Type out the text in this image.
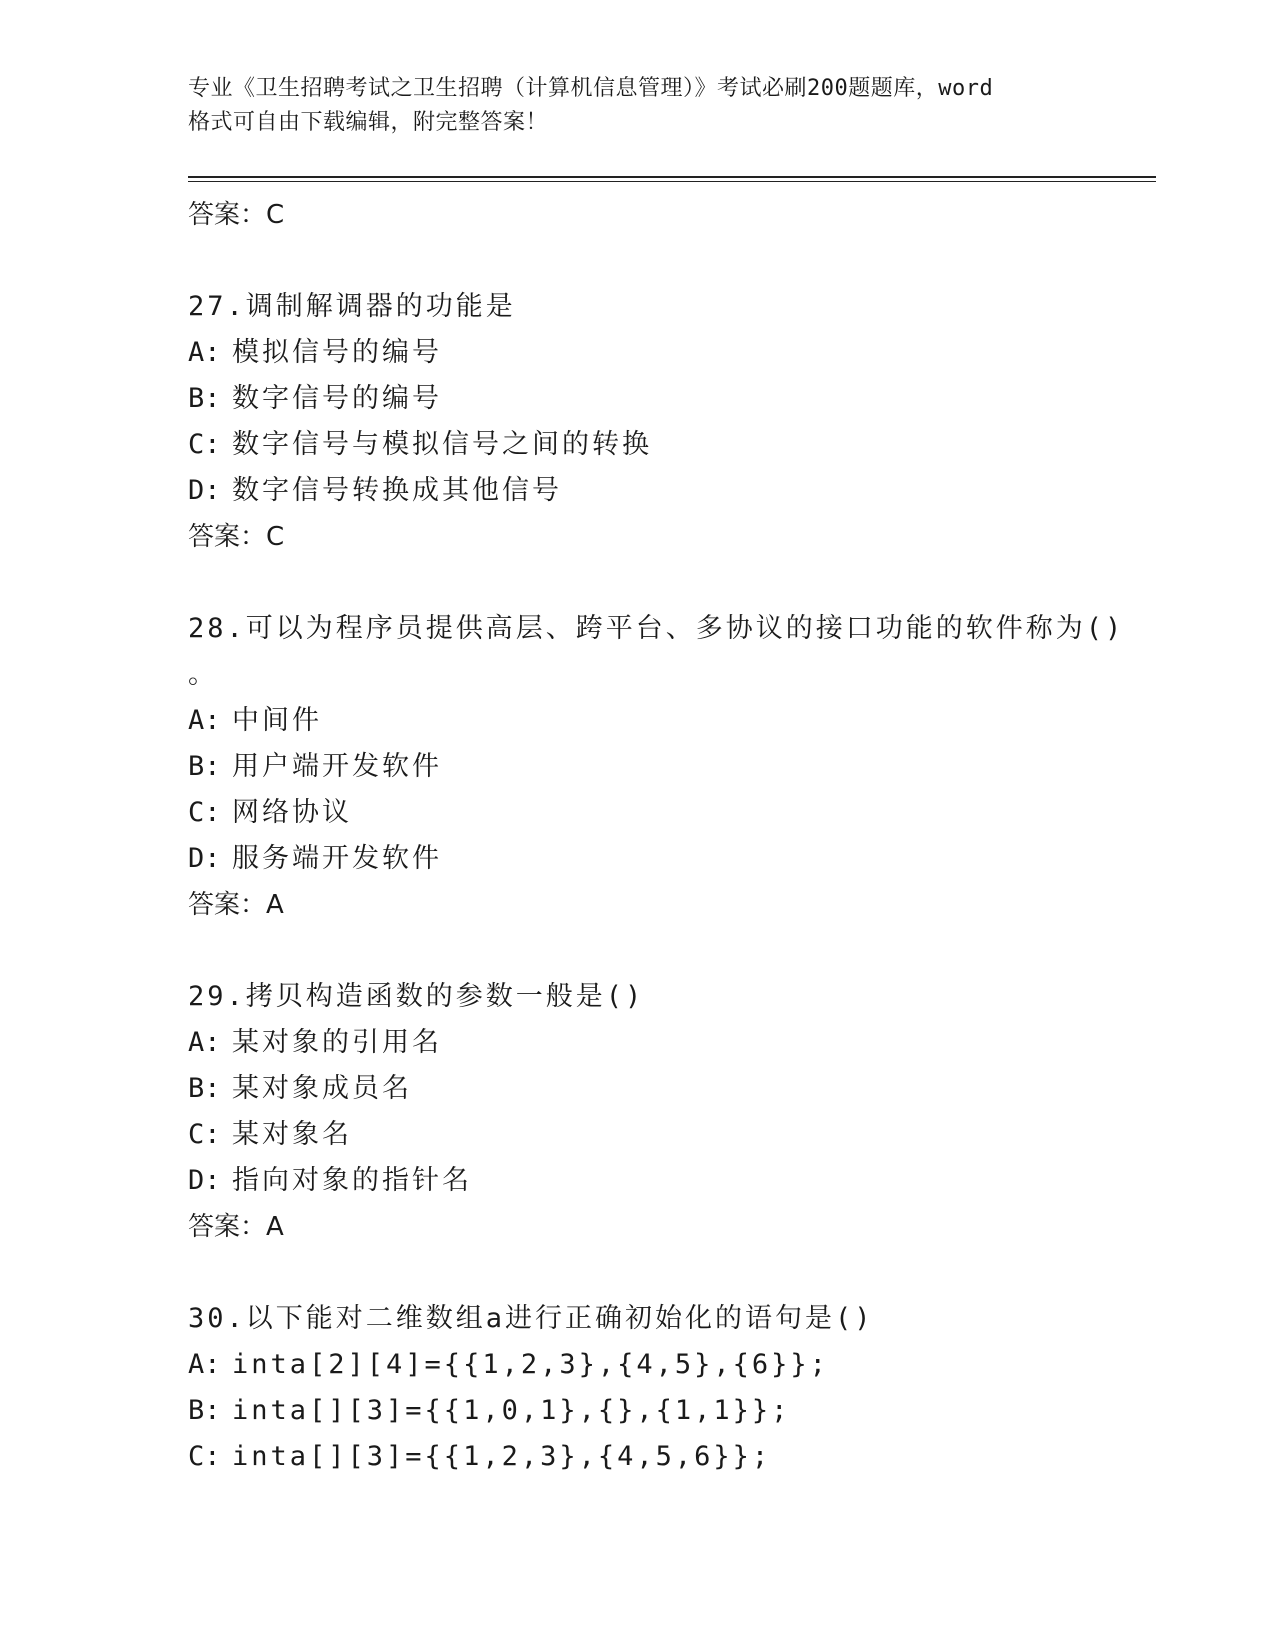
专业《卫生招聘考试之卫生招聘（计算机信息管理）》考试必刷200题题库，word
格式可自由下载编辑，附完整答案！
答案：C
27.调制解调器的功能是
A: 模拟信号的编号
B: 数字信号的编号
C: 数字信号与模拟信号之间的转换
D: 数字信号转换成其他信号
答案：C
28.可以为程序员提供高层、跨平台、多协议的接口功能的软件称为()
。
A: 中间件
B: 用户端开发软件
C: 网络协议
D: 服务端开发软件
答案：A
29.拷贝构造函数的参数一般是()
A: 某对象的引用名
B: 某对象成员名
C: 某对象名
D: 指向对象的指针名
答案：A
30.以下能对二维数组a进行正确初始化的语句是()
A: inta[2][4]={{1,2,3},{4,5},{6}};
B: inta[][3]={{1,0,1},{},{1,1}};
C: inta[][3]={{1,2,3},{4,5,6}};
